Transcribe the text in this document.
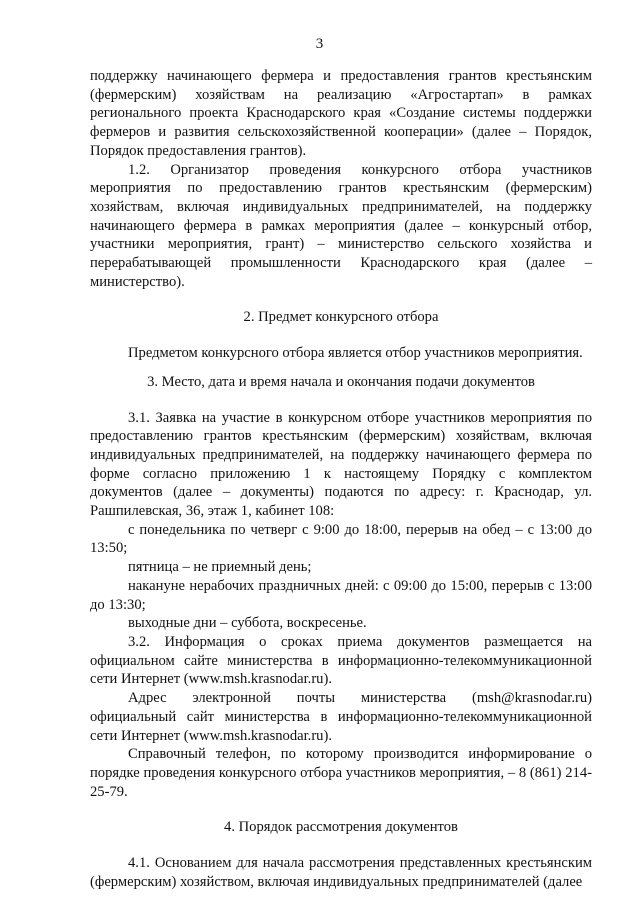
3

поддержку начинающего фермера и предоставления грантов крестьянским (фермерским) хозяйствам на реализацию «Агростартап» в рамках регионального проекта Краснодарского края «Создание системы поддержки фермеров и развития сельскохозяйственной кооперации» (далее – Порядок, Порядок предоставления грантов).

1.2. Организатор проведения конкурсного отбора участников мероприятия по предоставлению грантов крестьянским (фермерским) хозяйствам, включая индивидуальных предпринимателей, на поддержку начинающего фермера в рамках мероприятия (далее – конкурсный отбор, участники мероприятия, грант) – министерство сельского хозяйства и перерабатывающей промышленности Краснодарского края (далее – министерство).

2. Предмет конкурсного отбора

Предметом конкурсного отбора является отбор участников мероприятия.

3. Место, дата и время начала и окончания подачи документов

3.1. Заявка на участие в конкурсном отборе участников мероприятия по предоставлению грантов крестьянским (фермерским) хозяйствам, включая индивидуальных предпринимателей, на поддержку начинающего фермера по форме согласно приложению 1 к настоящему Порядку с комплектом документов (далее – документы) подаются по адресу: г. Краснодар, ул. Рашпилевская, 36, этаж 1, кабинет 108:

с понедельника по четверг с 9:00 до 18:00, перерыв на обед – с 13:00 до 13:50;

пятница – не приемный день;

накануне нерабочих праздничных дней: с 09:00 до 15:00, перерыв с 13:00 до 13:30;

выходные дни – суббота, воскресенье.

3.2. Информация о сроках приема документов размещается на официальном сайте министерства в информационно-телекоммуникационной сети Интернет (www.msh.krasnodar.ru).

Адрес электронной почты министерства (msh@krasnodar.ru) официальный сайт министерства в информационно-телекоммуникационной сети Интернет (www.msh.krasnodar.ru).

Справочный телефон, по которому производится информирование о порядке проведения конкурсного отбора участников мероприятия, – 8 (861) 214-25-79.

4. Порядок рассмотрения документов

4.1. Основанием для начала рассмотрения представленных крестьянским (фермерским) хозяйством, включая индивидуальных предпринимателей (далее
